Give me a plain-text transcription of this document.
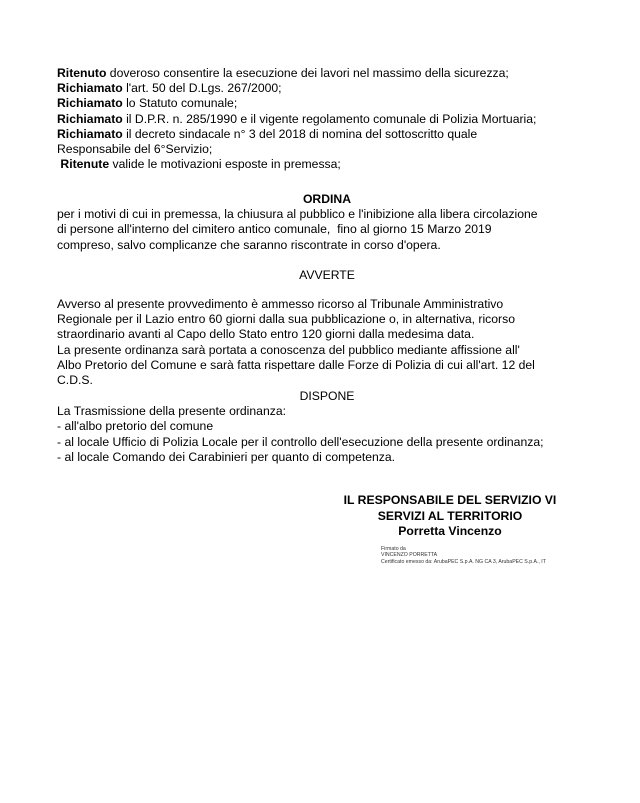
Ritenuto doveroso consentire la esecuzione dei lavori nel massimo della sicurezza;
Richiamato l'art. 50 del D.Lgs. 267/2000;
Richiamato lo Statuto comunale;
Richiamato il D.P.R. n. 285/1990 e il vigente regolamento comunale di Polizia Mortuaria;
Richiamato il decreto sindacale n° 3 del 2018 di nomina del sottoscritto quale
Responsabile del 6°Servizio;
Ritenute valide le motivazioni esposte in premessa;
ORDINA
per i motivi di cui in premessa, la chiusura al pubblico e l'inibizione alla libera circolazione
di persone all'interno del cimitero antico comunale,  fino al giorno 15 Marzo 2019
compreso, salvo complicanze che saranno riscontrate in corso d'opera.
AVVERTE
Avverso al presente provvedimento è ammesso ricorso al Tribunale Amministrativo
Regionale per il Lazio entro 60 giorni dalla sua pubblicazione o, in alternativa, ricorso
straordinario avanti al Capo dello Stato entro 120 giorni dalla medesima data.
La presente ordinanza sarà portata a conoscenza del pubblico mediante affissione all'
Albo Pretorio del Comune e sarà fatta rispettare dalle Forze di Polizia di cui all'art. 12 del
C.D.S.
DISPONE
La Trasmissione della presente ordinanza:
- all'albo pretorio del comune
- al locale Ufficio di Polizia Locale per il controllo dell'esecuzione della presente ordinanza;
- al locale Comando dei Carabinieri per quanto di competenza.
IL RESPONSABILE DEL SERVIZIO VI
SERVIZI AL TERRITORIO
Porretta Vincenzo
Firmato da
VINCENZO PORRETTA
Certificato emesso da: ArubaPEC S.p.A. NG CA 3, ArubaPEC S.p.A., IT
